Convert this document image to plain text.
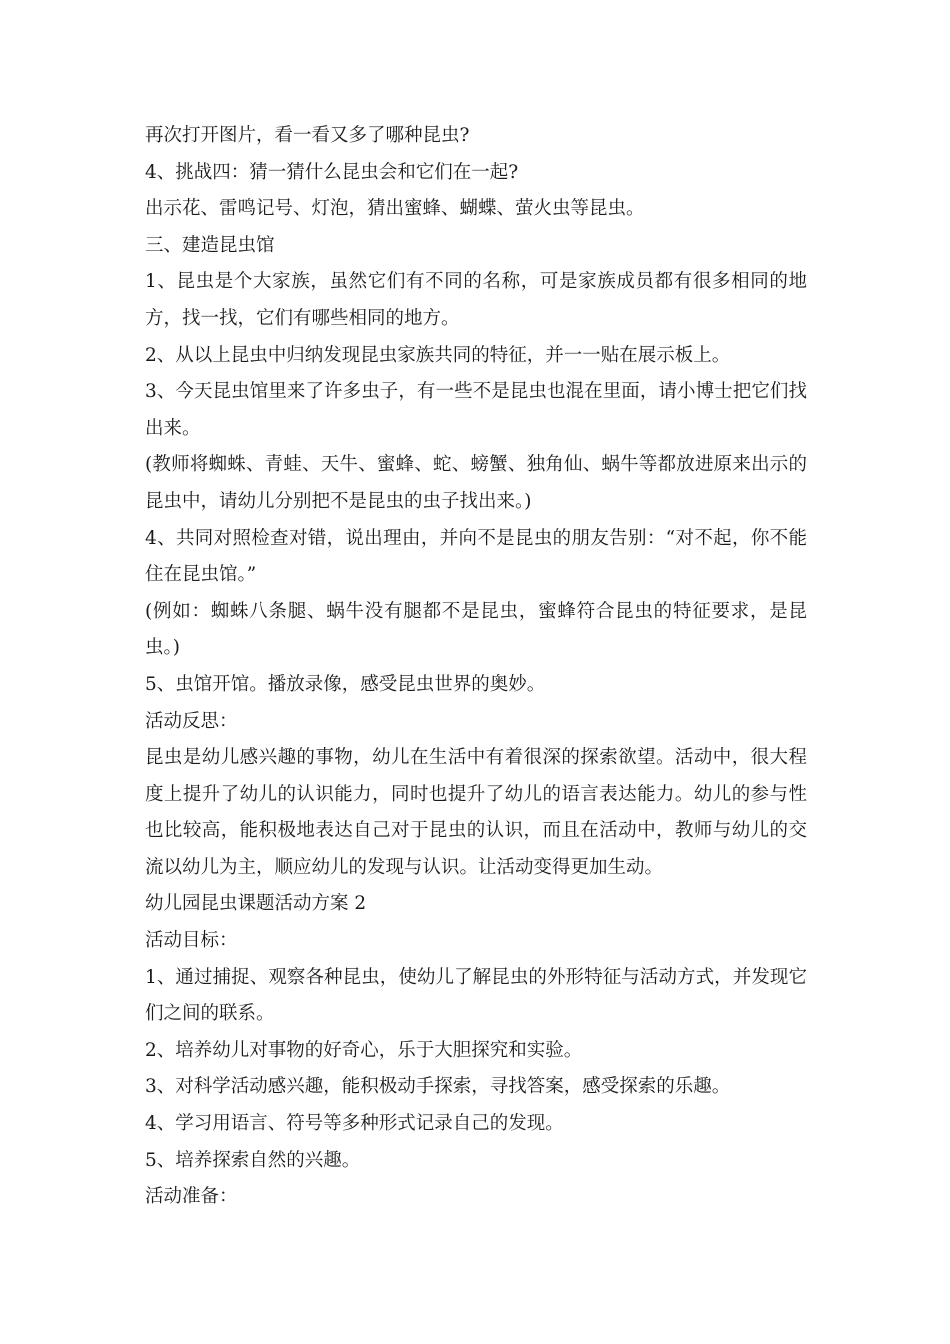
再次打开图片，看一看又多了哪种昆虫?

4、挑战四：猜一猜什么昆虫会和它们在一起?

出示花、雷鸣记号、灯泡，猜出蜜蜂、蝴蝶、萤火虫等昆虫。

三、建造昆虫馆

1、昆虫是个大家族，虽然它们有不同的名称，可是家族成员都有很多相同的地方，找一找，它们有哪些相同的地方。

2、从以上昆虫中归纳发现昆虫家族共同的特征，并一一贴在展示板上。

3、今天昆虫馆里来了许多虫子，有一些不是昆虫也混在里面，请小博士把它们找出来。

(教师将蜘蛛、青蛙、天牛、蜜蜂、蛇、螃蟹、独角仙、蜗牛等都放进原来出示的昆虫中，请幼儿分别把不是昆虫的虫子找出来。)

4、共同对照检查对错，说出理由，并向不是昆虫的朋友告别：“对不起，你不能住在昆虫馆。”

(例如：蜘蛛八条腿、蜗牛没有腿都不是昆虫，蜜蜂符合昆虫的特征要求，是昆虫。)

5、虫馆开馆。播放录像，感受昆虫世界的奥妙。

活动反思：

昆虫是幼儿感兴趣的事物，幼儿在生活中有着很深的探索欲望。活动中，很大程度上提升了幼儿的认识能力，同时也提升了幼儿的语言表达能力。幼儿的参与性也比较高，能积极地表达自己对于昆虫的认识，而且在活动中，教师与幼儿的交流以幼儿为主，顺应幼儿的发现与认识。让活动变得更加生动。

幼儿园昆虫课题活动方案 2

活动目标：

1、通过捕捉、观察各种昆虫，使幼儿了解昆虫的外形特征与活动方式，并发现它们之间的联系。

2、培养幼儿对事物的好奇心，乐于大胆探究和实验。

3、对科学活动感兴趣，能积极动手探索，寻找答案，感受探索的乐趣。

4、学习用语言、符号等多种形式记录自己的发现。

5、培养探索自然的兴趣。

活动准备：
